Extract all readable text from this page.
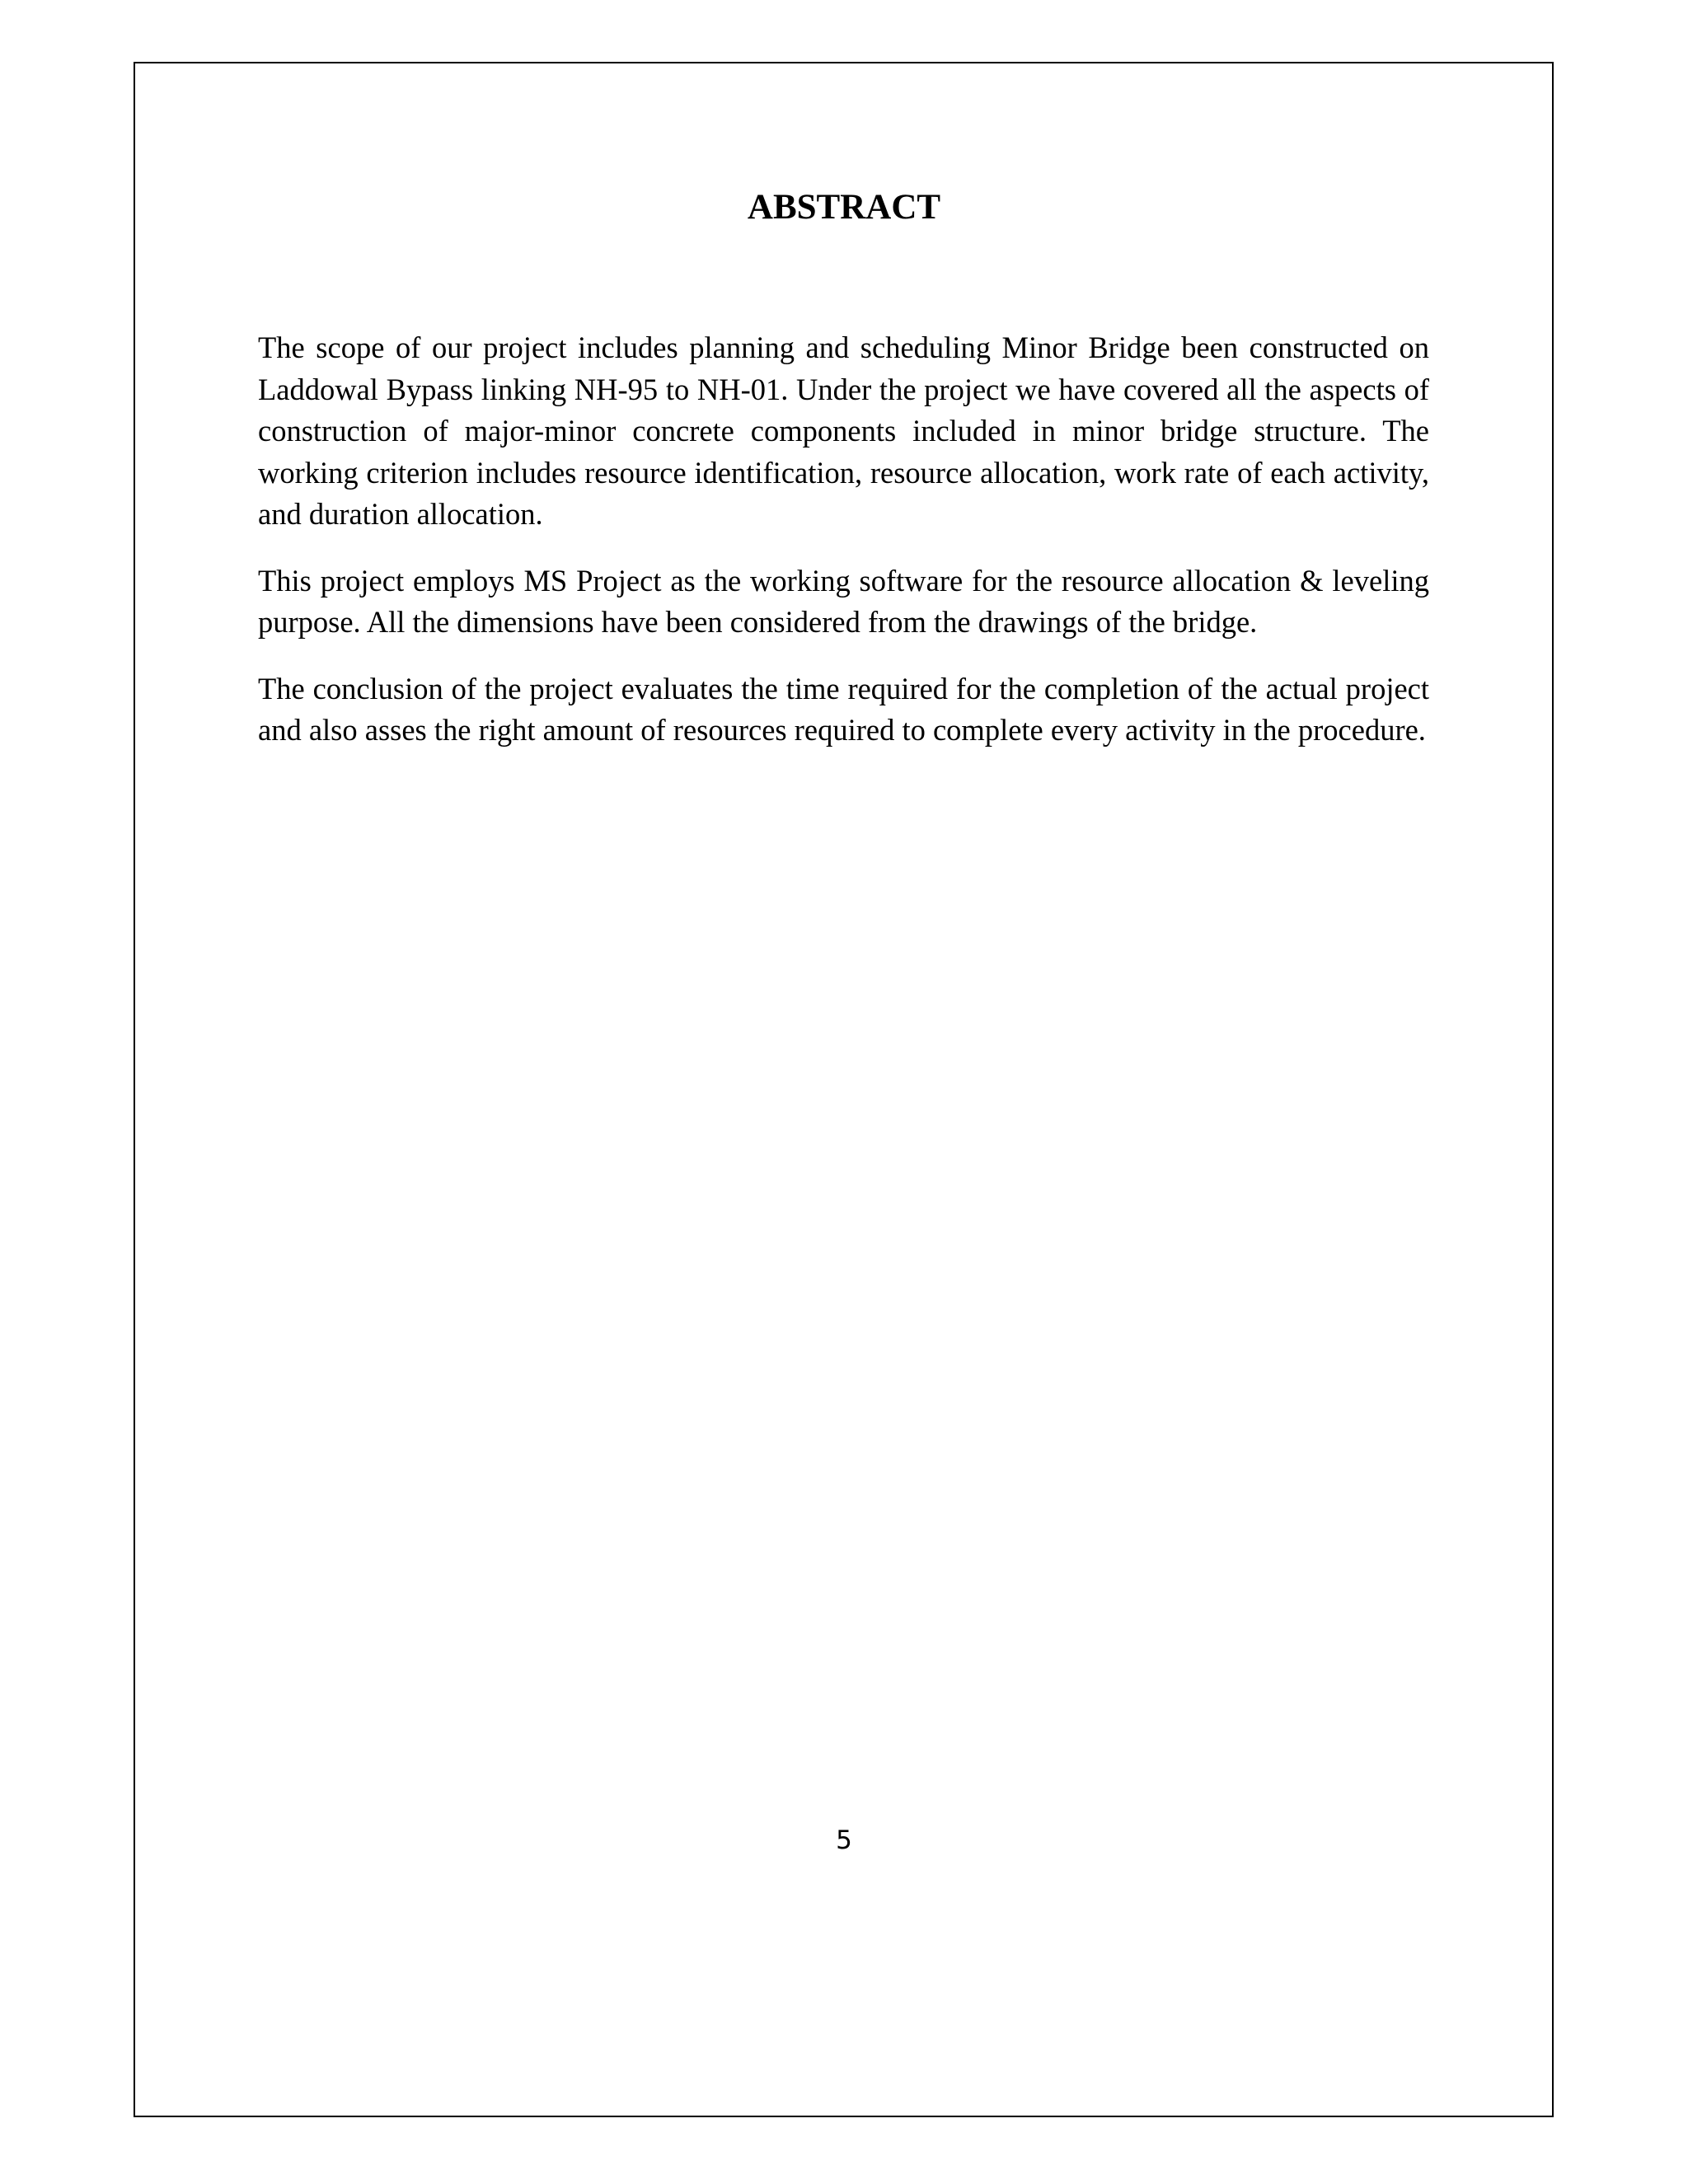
ABSTRACT

The scope of our project includes planning and scheduling Minor Bridge been constructed on Laddowal Bypass linking NH-95 to NH-01. Under the project we have covered all the aspects of construction of major-minor concrete components included in minor bridge structure. The working criterion includes resource identification, resource allocation, work rate of each activity, and duration allocation.

This project employs MS Project as the working software for the resource allocation & leveling purpose. All the dimensions have been considered from the drawings of the bridge.

The conclusion of the project evaluates the time required for the completion of the actual project and also asses the right amount of resources required to complete every activity in the procedure.

5
